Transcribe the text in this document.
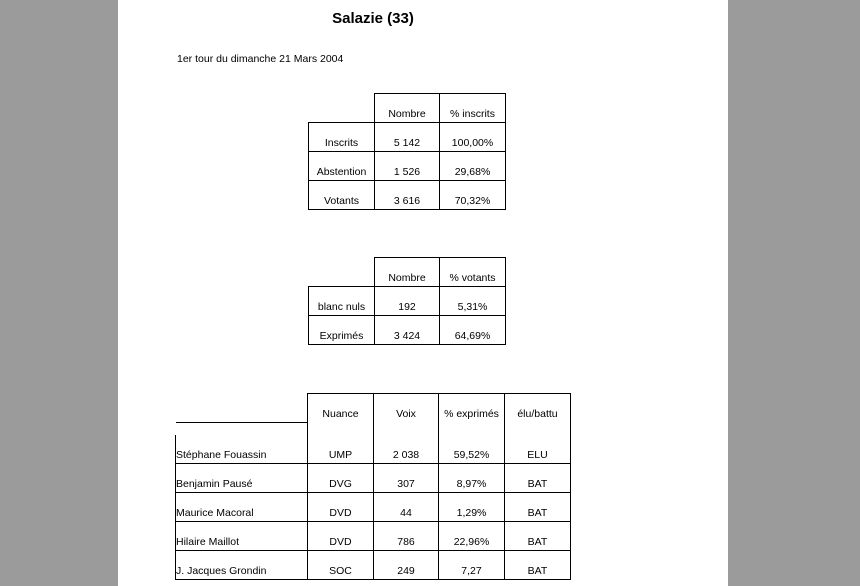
Salazie (33)
1er tour du dimanche 21 Mars 2004
	Nombre	% inscrits
Inscrits	5 142	100,00%
Abstention	1 526	29,68%
Votants	3 616	70,32%
	Nombre	% votants
blanc nuls	192	5,31%
Exprimés	3 424	64,69%
	Nuance	Voix	% exprimés	élu/battu

Stéphane Fouassin	UMP	2 038	59,52%	ELU
Benjamin Pausé	DVG	307	8,97%	BAT
Maurice Macoral	DVD	44	1,29%	BAT
Hilaire Maillot	DVD	786	22,96%	BAT
J. Jacques Grondin	SOC	249	7,27	BAT
